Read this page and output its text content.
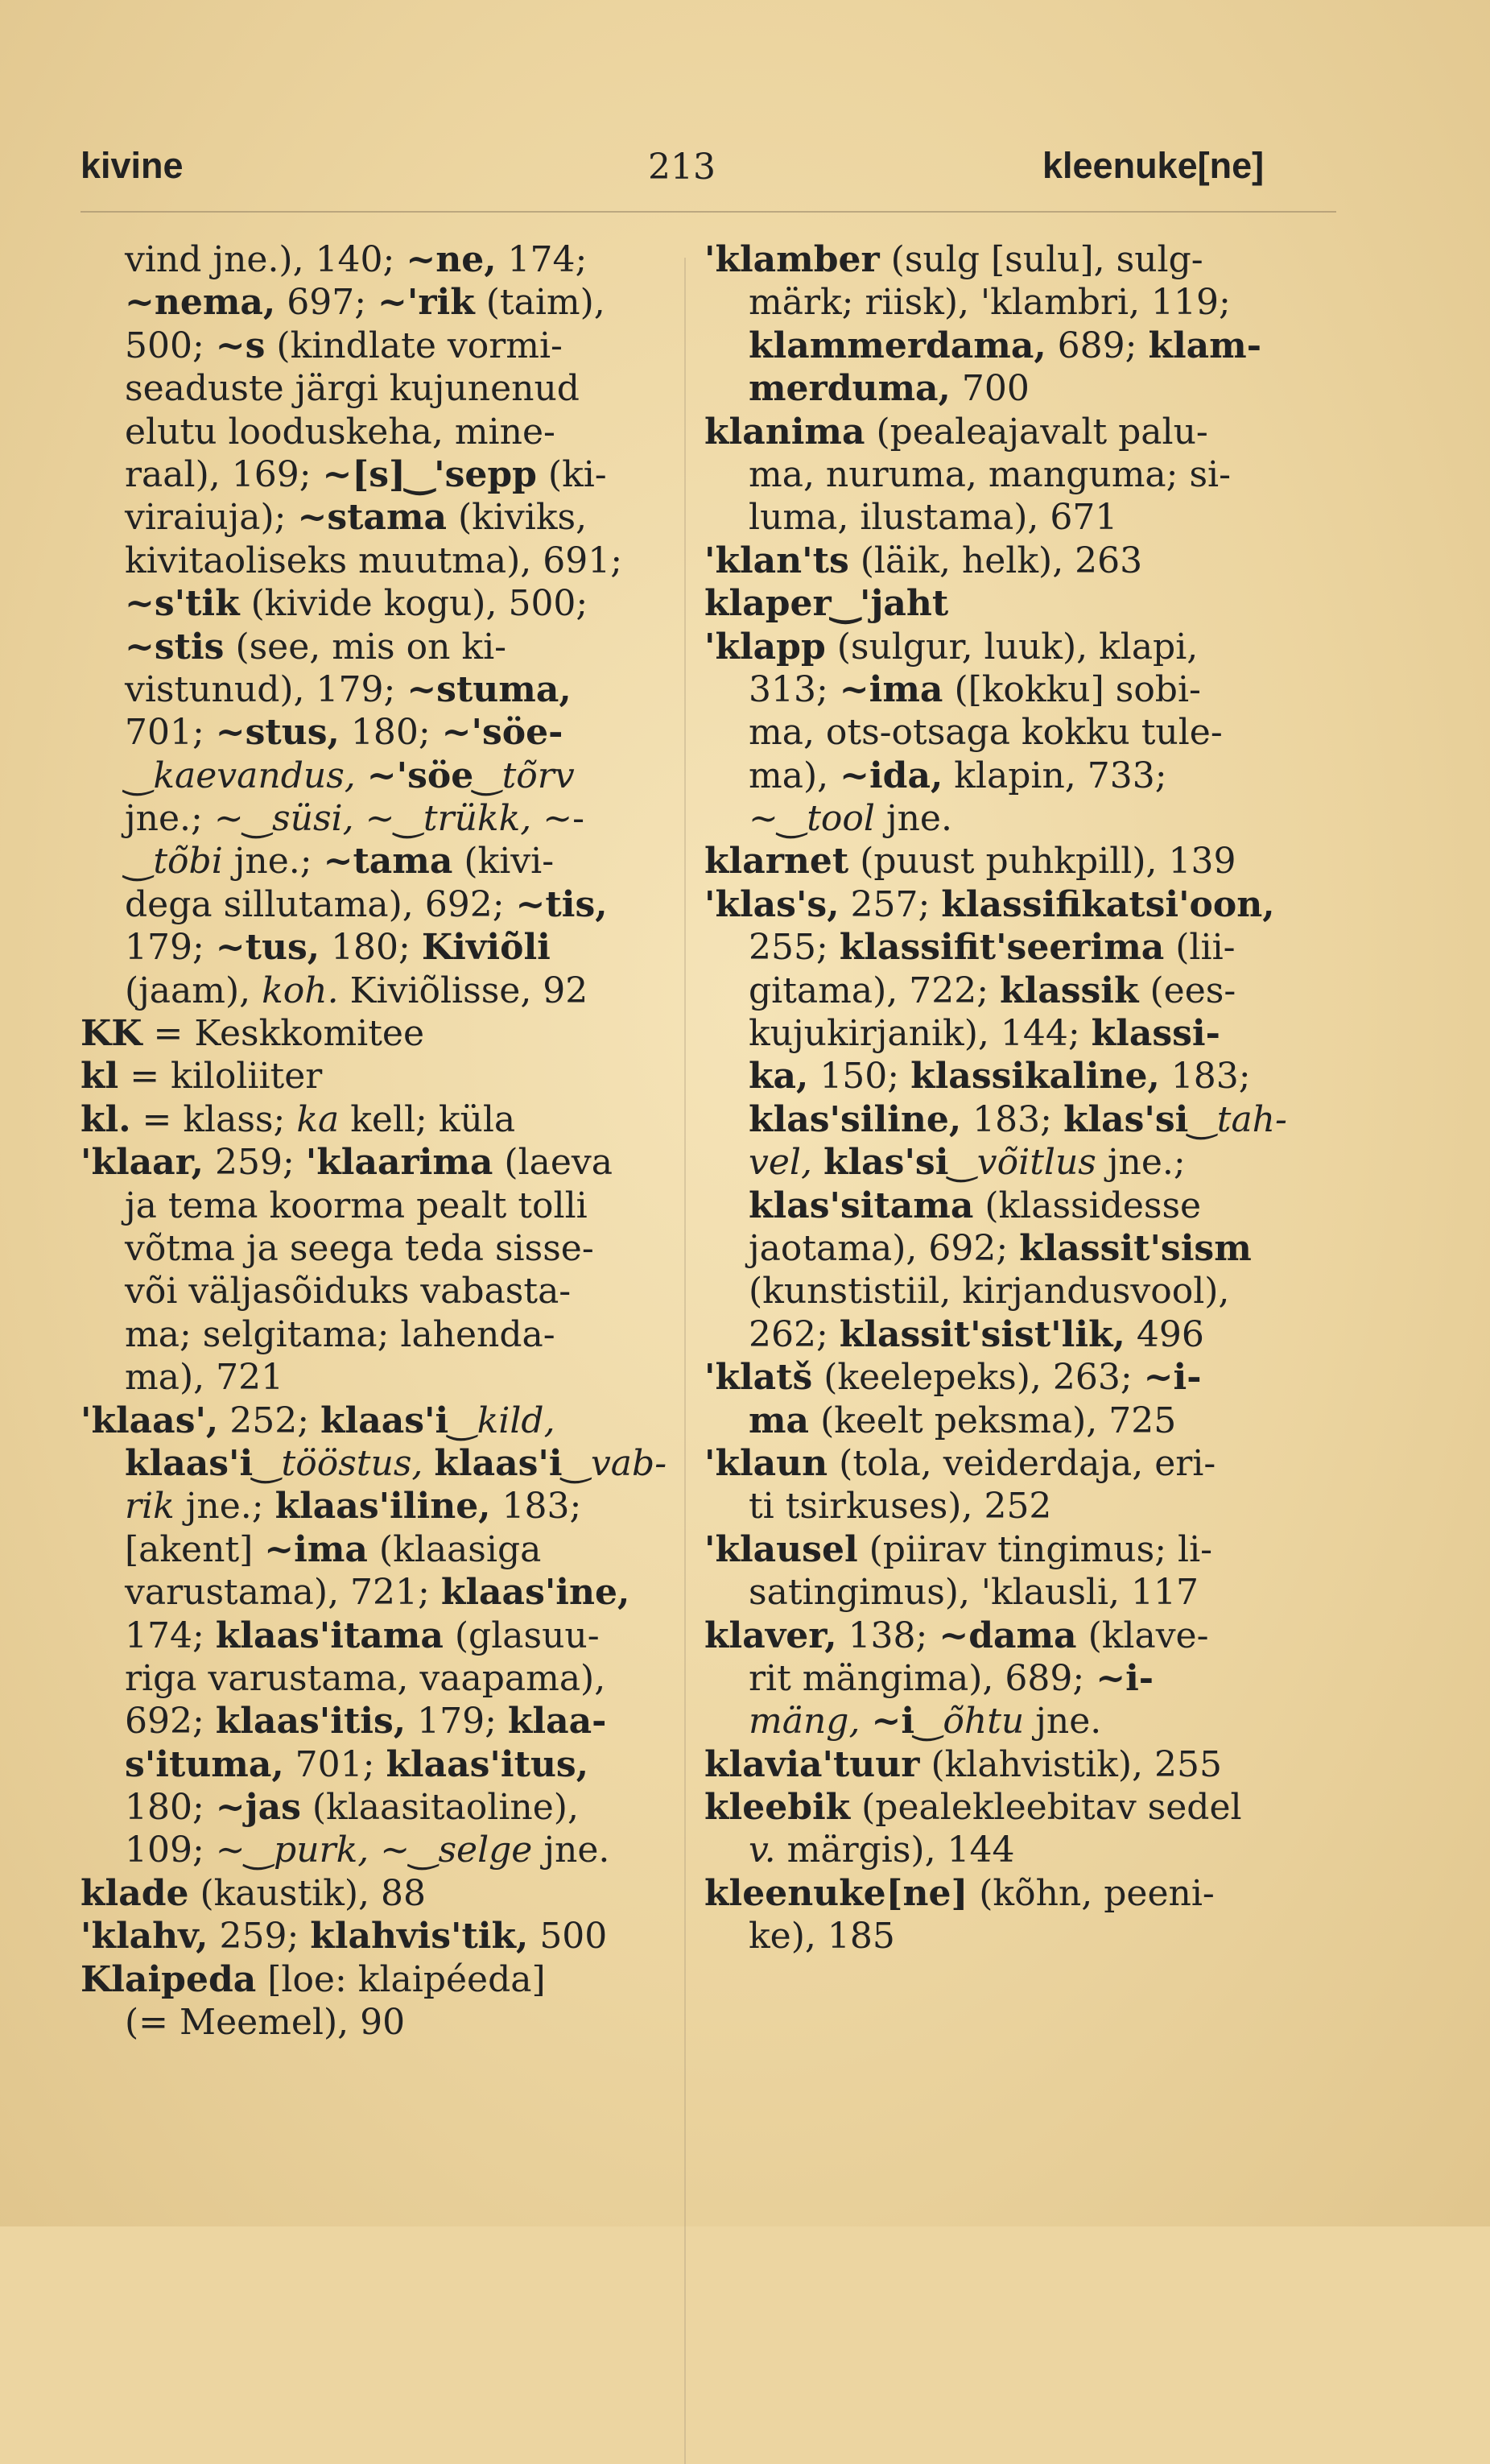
kivine	213	kleenuke[ne]
vind jne.), 140; ~ne, 174;
~nema, 697; ~'rik (taim),
500; ~s (kindlate vormi-
seaduste järgi kujunenud
elutu looduskeha, mine-
raal), 169; ~[s]‿'sepp (ki-
viraiuja); ~stama (kiviks,
kivitaoliseks muutma), 691;
~s'tik (kivide kogu), 500;
~stis (see, mis on ki-
vistunud), 179; ~stuma,
701; ~stus, 180; ~'söe-
‿kaevandus, ~'söe‿tõrv
jne.; ~‿süsi, ~‿trükk, ~-
‿tõbi jne.; ~tama (kivi-
dega sillutama), 692; ~tis,
179; ~tus, 180; Kiviõli
(jaam), koh. Kiviõlisse, 92
KK = Keskkomitee
kl = kiloliiter
kl. = klass; ka kell; küla
'klaar, 259; 'klaarima (laeva
ja tema koorma pealt tolli
võtma ja seega teda sisse-
või väljasõiduks vabasta-
ma; selgitama; lahenda-
ma), 721
'klaas', 252; klaas'i‿kild,
klaas'i‿tööstus, klaas'i‿vab-
rik jne.; klaas'iline, 183;
[akent] ~ima (klaasiga
varustama), 721; klaas'ine,
174; klaas'itama (glasuu-
riga varustama, vaapama),
692; klaas'itis, 179; klaa-
s'ituma, 701; klaas'itus,
180; ~jas (klaasitaoline),
109; ~‿purk, ~‿selge jne.
klade (kaustik), 88
'klahv, 259; klahvis'tik, 500
Klaipeda [loe: klaipéeda]
(= Meemel), 90
'klamber (sulg [sulu], sulg-
märk; riisk), 'klambri, 119;
klammerdama, 689; klam-
merduma, 700
klanima (pealeajavalt palu-
ma, nuruma, manguma; si-
luma, ilustama), 671
'klan'ts (läik, helk), 263
klaper‿'jaht
'klapp (sulgur, luuk), klapi,
313; ~ima ([kokku] sobi-
ma, ots-otsaga kokku tule-
ma), ~ida, klapin, 733;
~‿tool jne.
klarnet (puust puhkpill), 139
'klas's, 257; klassifikatsi'oon,
255; klassifit'seerima (lii-
gitama), 722; klassik (ees-
kujukirjanik), 144; klassi-
ka, 150; klassikaline, 183;
klas'siline, 183; klas'si‿tah-
vel, klas'si‿võitlus jne.;
klas'sitama (klassidesse
jaotama), 692; klassit'sism
(kunstistiil, kirjandusvool),
262; klassit'sist'lik, 496
'klatš (keelepeks), 263; ~i-
ma (keelt peksma), 725
'klaun (tola, veiderdaja, eri-
ti tsirkuses), 252
'klausel (piirav tingimus; li-
satingimus), 'klausli, 117
klaver, 138; ~dama (klave-
rit mängima), 689; ~i-
mäng, ~i‿õhtu jne.
klavia'tuur (klahvistik), 255
kleebik (pealekleebitav sedel
v. märgis), 144
kleenuke[ne] (kõhn, peeni-
ke), 185
